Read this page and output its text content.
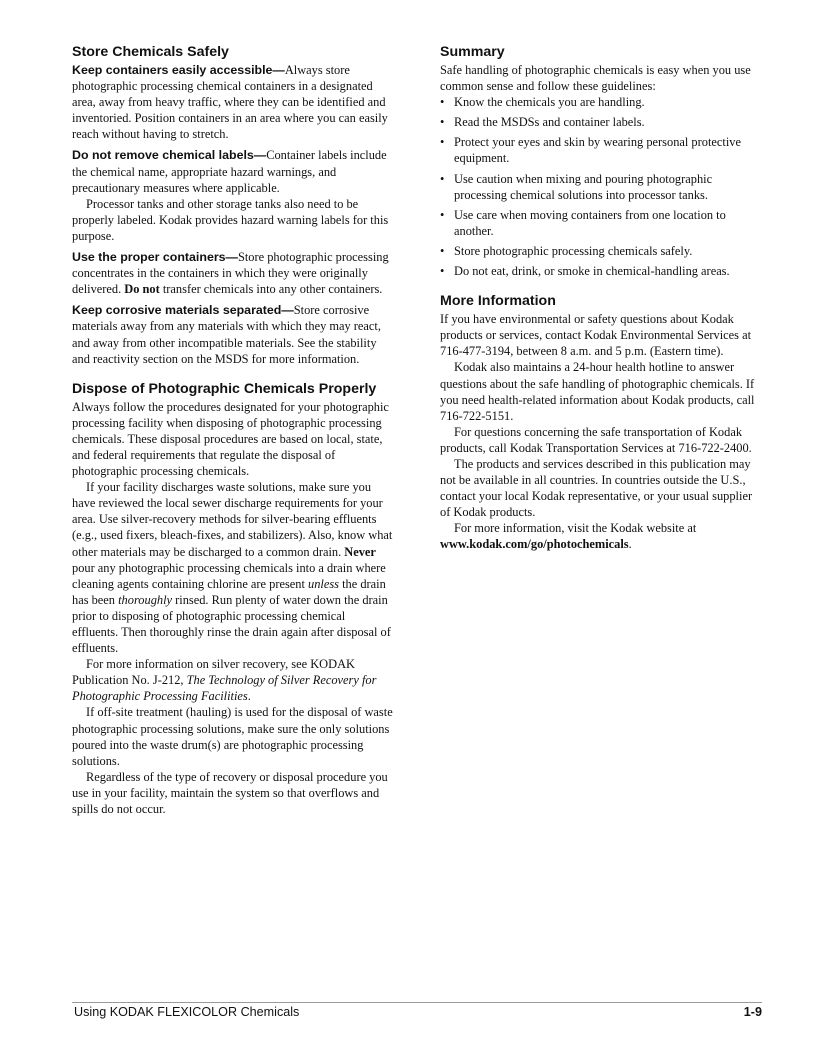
Store Chemicals Safely

Keep containers easily accessible—Always store photographic processing chemical containers in a designated area, away from heavy traffic, where they can be identified and inventoried. Position containers in an area where you can easily reach without having to stretch.

Do not remove chemical labels—Container labels include the chemical name, appropriate hazard warnings, and precautionary measures where applicable.

Processor tanks and other storage tanks also need to be properly labeled. Kodak provides hazard warning labels for this purpose.

Use the proper containers—Store photographic processing concentrates in the containers in which they were originally delivered. Do not transfer chemicals into any other containers.

Keep corrosive materials separated—Store corrosive materials away from any materials with which they may react, and away from other incompatible materials. See the stability and reactivity section on the MSDS for more information.

Dispose of Photographic Chemicals Properly

Always follow the procedures designated for your photographic processing facility when disposing of photographic processing chemicals. These disposal procedures are based on local, state, and federal requirements that regulate the disposal of photographic processing chemicals.

If your facility discharges waste solutions, make sure you have reviewed the local sewer discharge requirements for your area. Use silver-recovery methods for silver-bearing effluents (e.g., used fixers, bleach-fixes, and stabilizers). Also, know what other materials may be discharged to a common drain. Never pour any photographic processing chemicals into a drain where cleaning agents containing chlorine are present unless the drain has been thoroughly rinsed. Run plenty of water down the drain prior to disposing of photographic processing chemical effluents. Then thoroughly rinse the drain again after disposal of effluents.

For more information on silver recovery, see KODAK Publication No. J-212, The Technology of Silver Recovery for Photographic Processing Facilities.

If off-site treatment (hauling) is used for the disposal of waste photographic processing solutions, make sure the only solutions poured into the waste drum(s) are photographic processing solutions.

Regardless of the type of recovery or disposal procedure you use in your facility, maintain the system so that overflows and spills do not occur.

Summary

Safe handling of photographic chemicals is easy when you use common sense and follow these guidelines:

• Know the chemicals you are handling.
• Read the MSDSs and container labels.
• Protect your eyes and skin by wearing personal protective equipment.
• Use caution when mixing and pouring photographic processing chemical solutions into processor tanks.
• Use care when moving containers from one location to another.
• Store photographic processing chemicals safely.
• Do not eat, drink, or smoke in chemical-handling areas.
More Information

If you have environmental or safety questions about Kodak products or services, contact Kodak Environmental Services at 716-477-3194, between 8 a.m. and 5 p.m. (Eastern time).

Kodak also maintains a 24-hour health hotline to answer questions about the safe handling of photographic chemicals. If you need health-related information about Kodak products, call 716-722-5151.

For questions concerning the safe transportation of Kodak products, call Kodak Transportation Services at 716-722-2400.

The products and services described in this publication may not be available in all countries. In countries outside the U.S., contact your local Kodak representative, or your usual supplier of Kodak products.

For more information, visit the Kodak website at www.kodak.com/go/photochemicals.

Using KODAK FLEXICOLOR Chemicals	1-9
